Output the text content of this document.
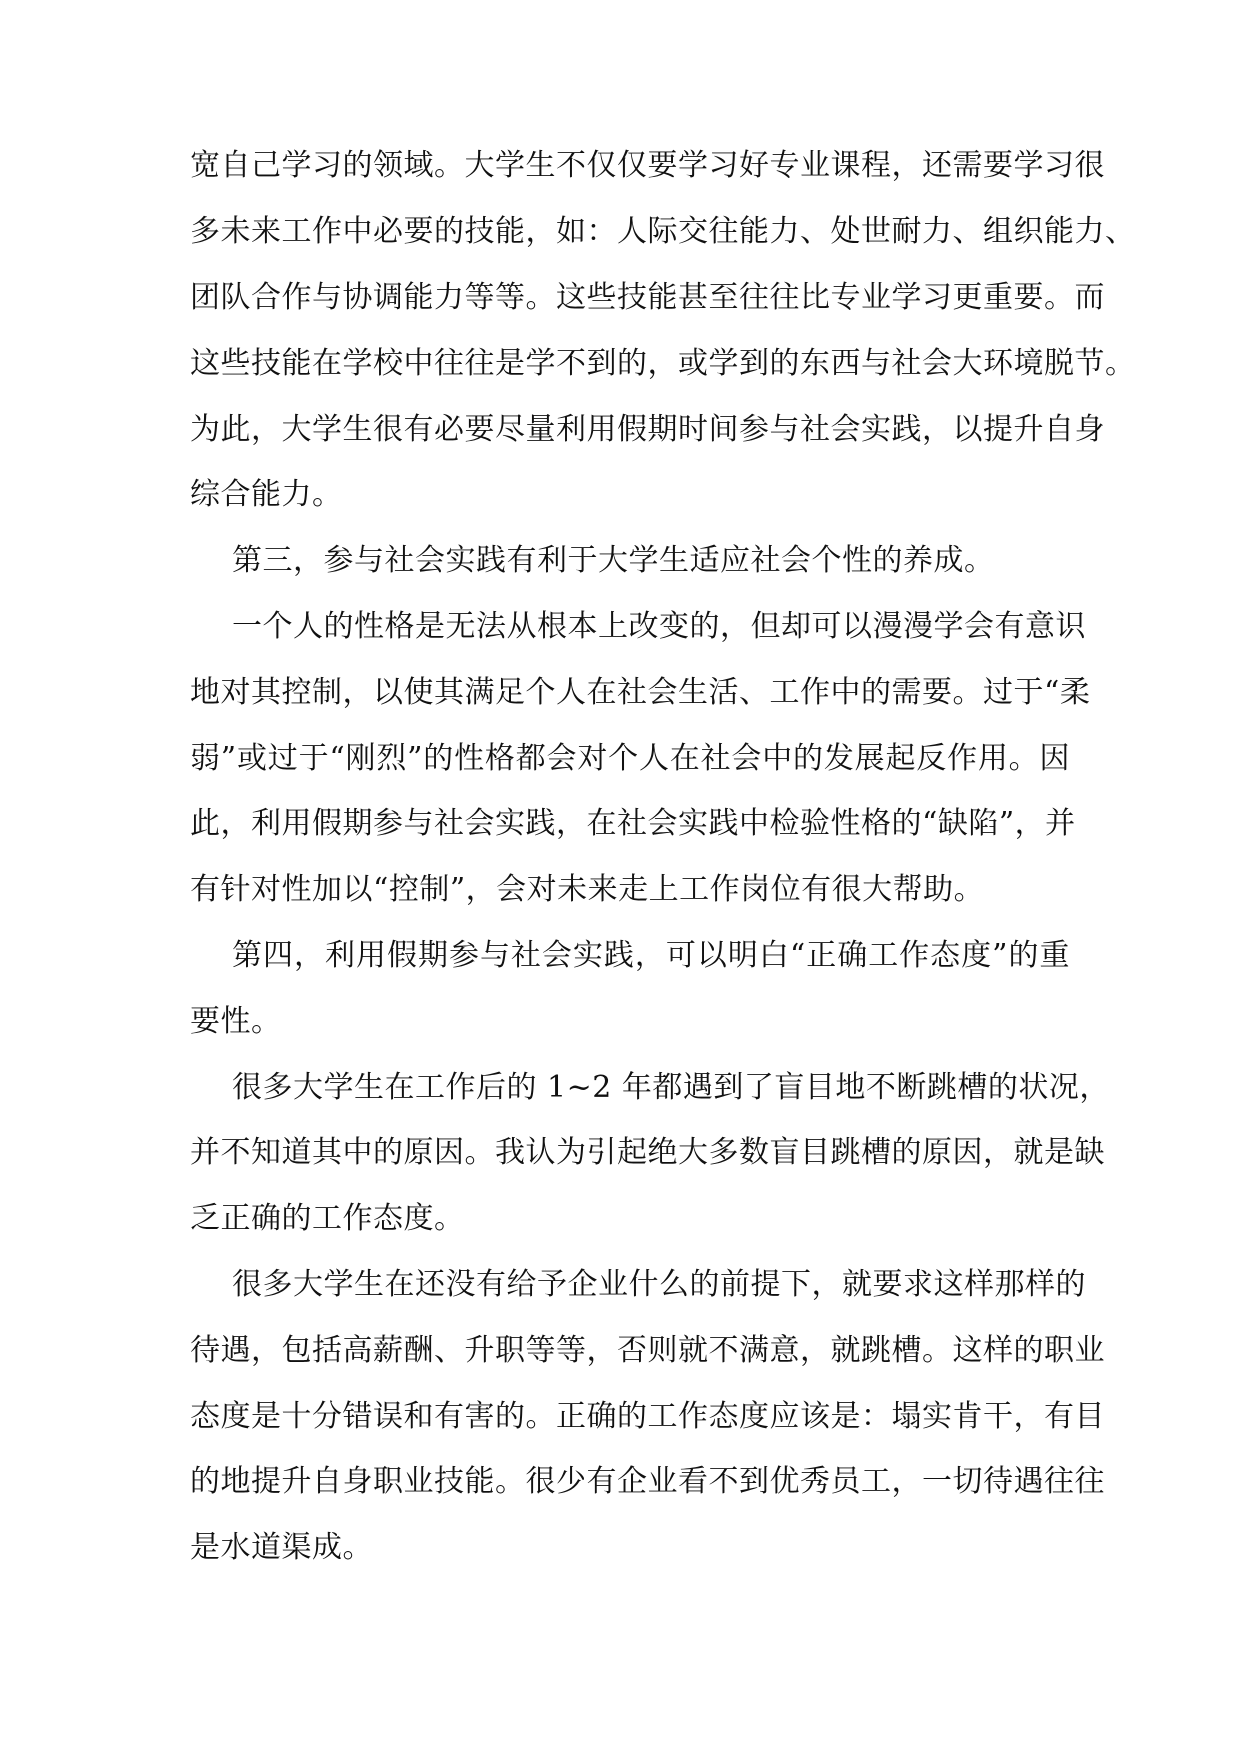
宽自己学习的领域。大学生不仅仅要学习好专业课程，还需要学习很
多未来工作中必要的技能，如：人际交往能力、处世耐力、组织能力、
团队合作与协调能力等等。这些技能甚至往往比专业学习更重要。而
这些技能在学校中往往是学不到的，或学到的东西与社会大环境脱节。
为此，大学生很有必要尽量利用假期时间参与社会实践，以提升自身
综合能力。
第三，参与社会实践有利于大学生适应社会个性的养成。
一个人的性格是无法从根本上改变的，但却可以漫漫学会有意识
地对其控制，以使其满足个人在社会生活、工作中的需要。过于“柔
弱”或过于“刚烈”的性格都会对个人在社会中的发展起反作用。因
此，利用假期参与社会实践，在社会实践中检验性格的“缺陷”，并
有针对性加以“控制”，会对未来走上工作岗位有很大帮助。
第四，利用假期参与社会实践，可以明白“正确工作态度”的重
要性。
很多大学生在工作后的 1~2 年都遇到了盲目地不断跳槽的状况，
并不知道其中的原因。我认为引起绝大多数盲目跳槽的原因，就是缺
乏正确的工作态度。
很多大学生在还没有给予企业什么的前提下，就要求这样那样的
待遇，包括高薪酬、升职等等，否则就不满意，就跳槽。这样的职业
态度是十分错误和有害的。正确的工作态度应该是：塌实肯干，有目
的地提升自身职业技能。很少有企业看不到优秀员工，一切待遇往往
是水道渠成。
